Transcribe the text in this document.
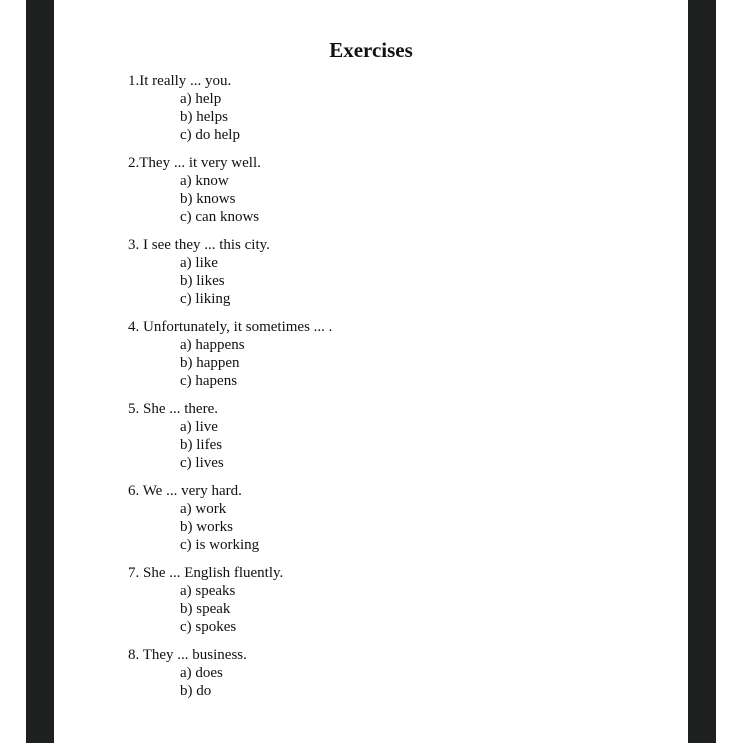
Exercises
1.It really ... you.
a) help
b) helps
c) do help
2.They ... it very well.
a) know
b) knows
c) can knows
3. I see they ... this city.
a) like
b) likes
c) liking
4. Unfortunately, it sometimes ... .
a) happens
b) happen
c) hapens
5. She ... there.
a) live
b) lifes
c) lives
6. We ... very hard.
a) work
b) works
c) is working
7. She ... English fluently.
a) speaks
b) speak
c) spokes
8. They ... business.
a) does
b) do
